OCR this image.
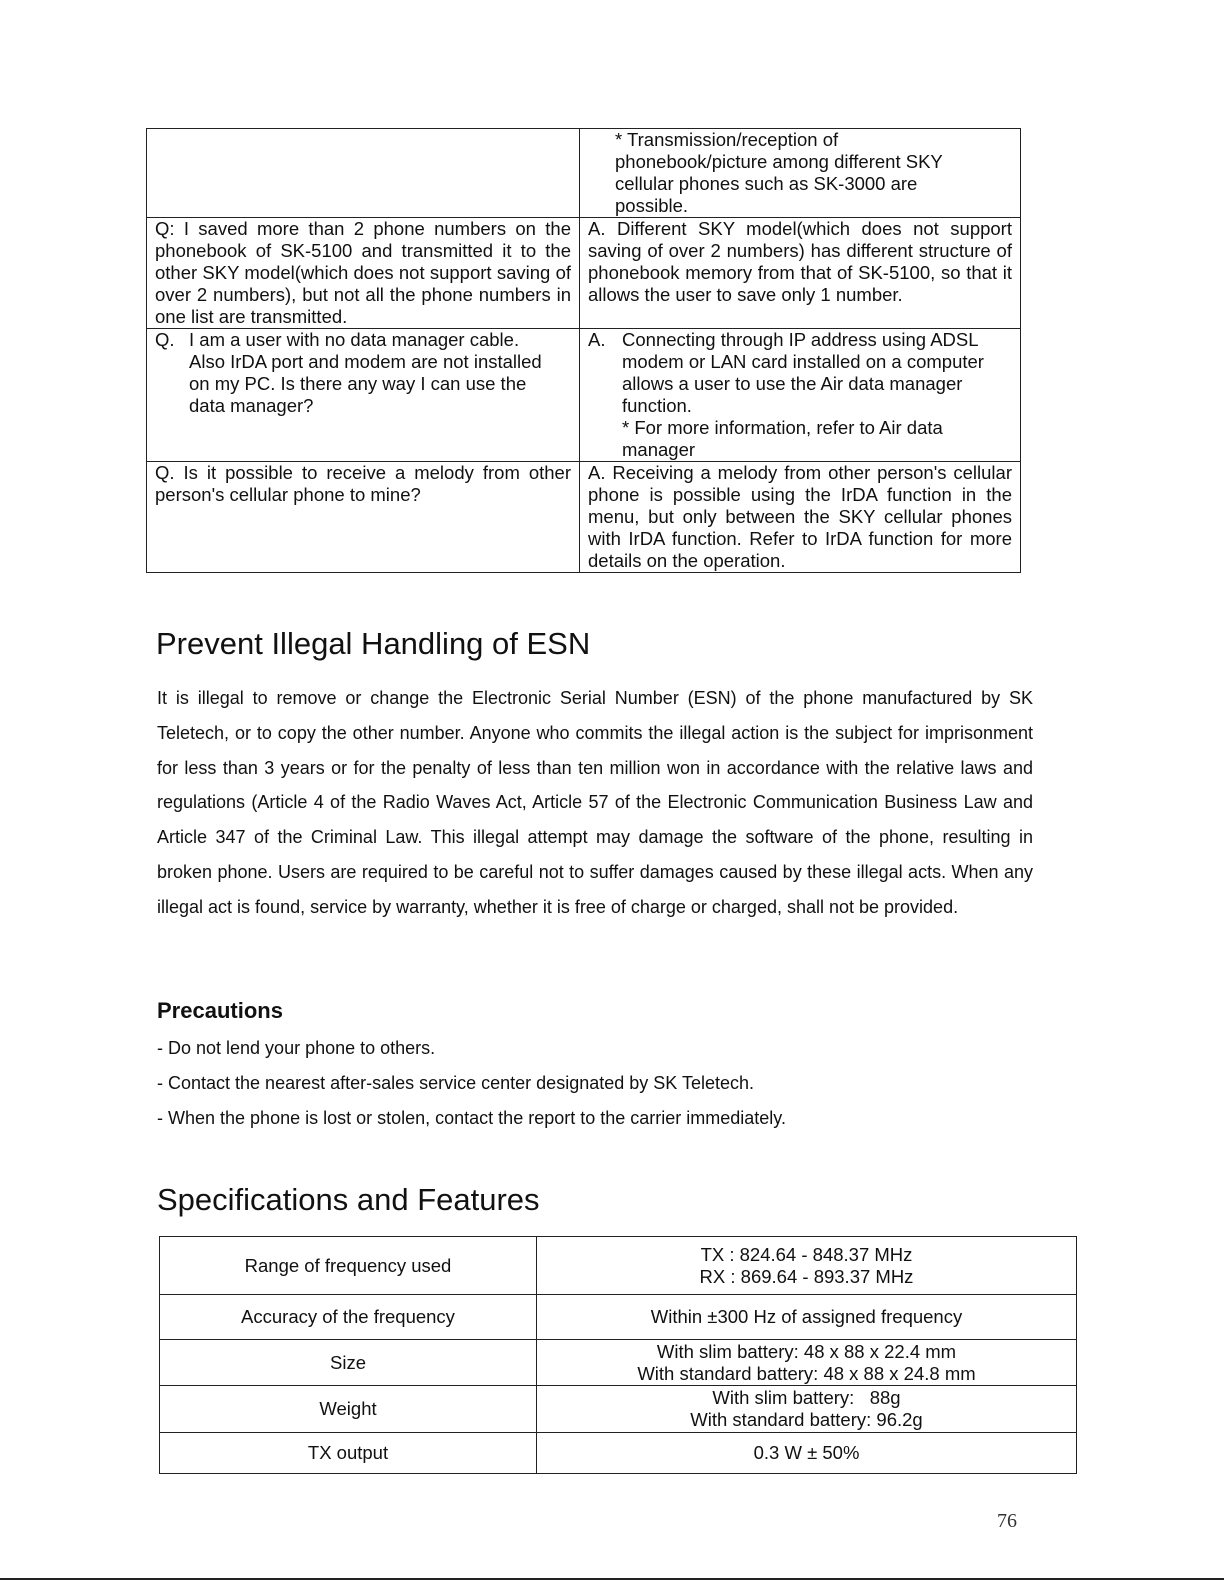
	* Transmission/reception of
phonebook/picture among different SKY
cellular phones such as SK-3000 are
possible.

Q: I saved more than 2 phone numbers on the phonebook of SK-5100 and transmitted it to the other SKY model(which does not support saving of over 2 numbers), but not all the phone numbers in one list are transmitted.	A. Different SKY model(which does not support saving of over 2 numbers) has different structure of phonebook memory from that of SK-5100, so that it allows the user to save only 1 number.

Q. I am a user with no data manager cable. Also IrDA port and modem are not installed on my PC. Is there any way I can use the data manager?	A. Connecting through IP address using ADSL modem or LAN card installed on a computer allows a user to use the Air data manager function.
* For more information, refer to Air data manager

Q. Is it possible to receive a melody from other person's cellular phone to mine?	A. Receiving a melody from other person's cellular phone is possible using the IrDA function in the menu, but only between the SKY cellular phones with IrDA function. Refer to IrDA function for more details on the operation.
Prevent Illegal Handling of ESN

It is illegal to remove or change the Electronic Serial Number (ESN) of the phone manufactured by SK Teletech, or to copy the other number. Anyone who commits the illegal action is the subject for imprisonment for less than 3 years or for the penalty of less than ten million won in accordance with the relative laws and regulations (Article 4 of the Radio Waves Act, Article 57 of the Electronic Communication Business Law and Article 347 of the Criminal Law. This illegal attempt may damage the software of the phone, resulting in broken phone. Users are required to be careful not to suffer damages caused by these illegal acts. When any illegal act is found, service by warranty, whether it is free of charge or charged, shall not be provided.

Precautions
- Do not lend your phone to others.
- Contact the nearest after-sales service center designated by SK Teletech.
- When the phone is lost or stolen, contact the report to the carrier immediately.
Specifications and Features
Range of frequency used	TX : 824.64 - 848.37 MHz
RX : 869.64 - 893.37 MHz

Accuracy of the frequency	Within ±300 Hz of assigned frequency

Size	With slim battery: 48 x 88 x 22.4 mm
With standard battery: 48 x 88 x 24.8 mm

Weight	With slim battery:   88g
With standard battery: 96.2g

TX output	0.3 W ± 50%
76
